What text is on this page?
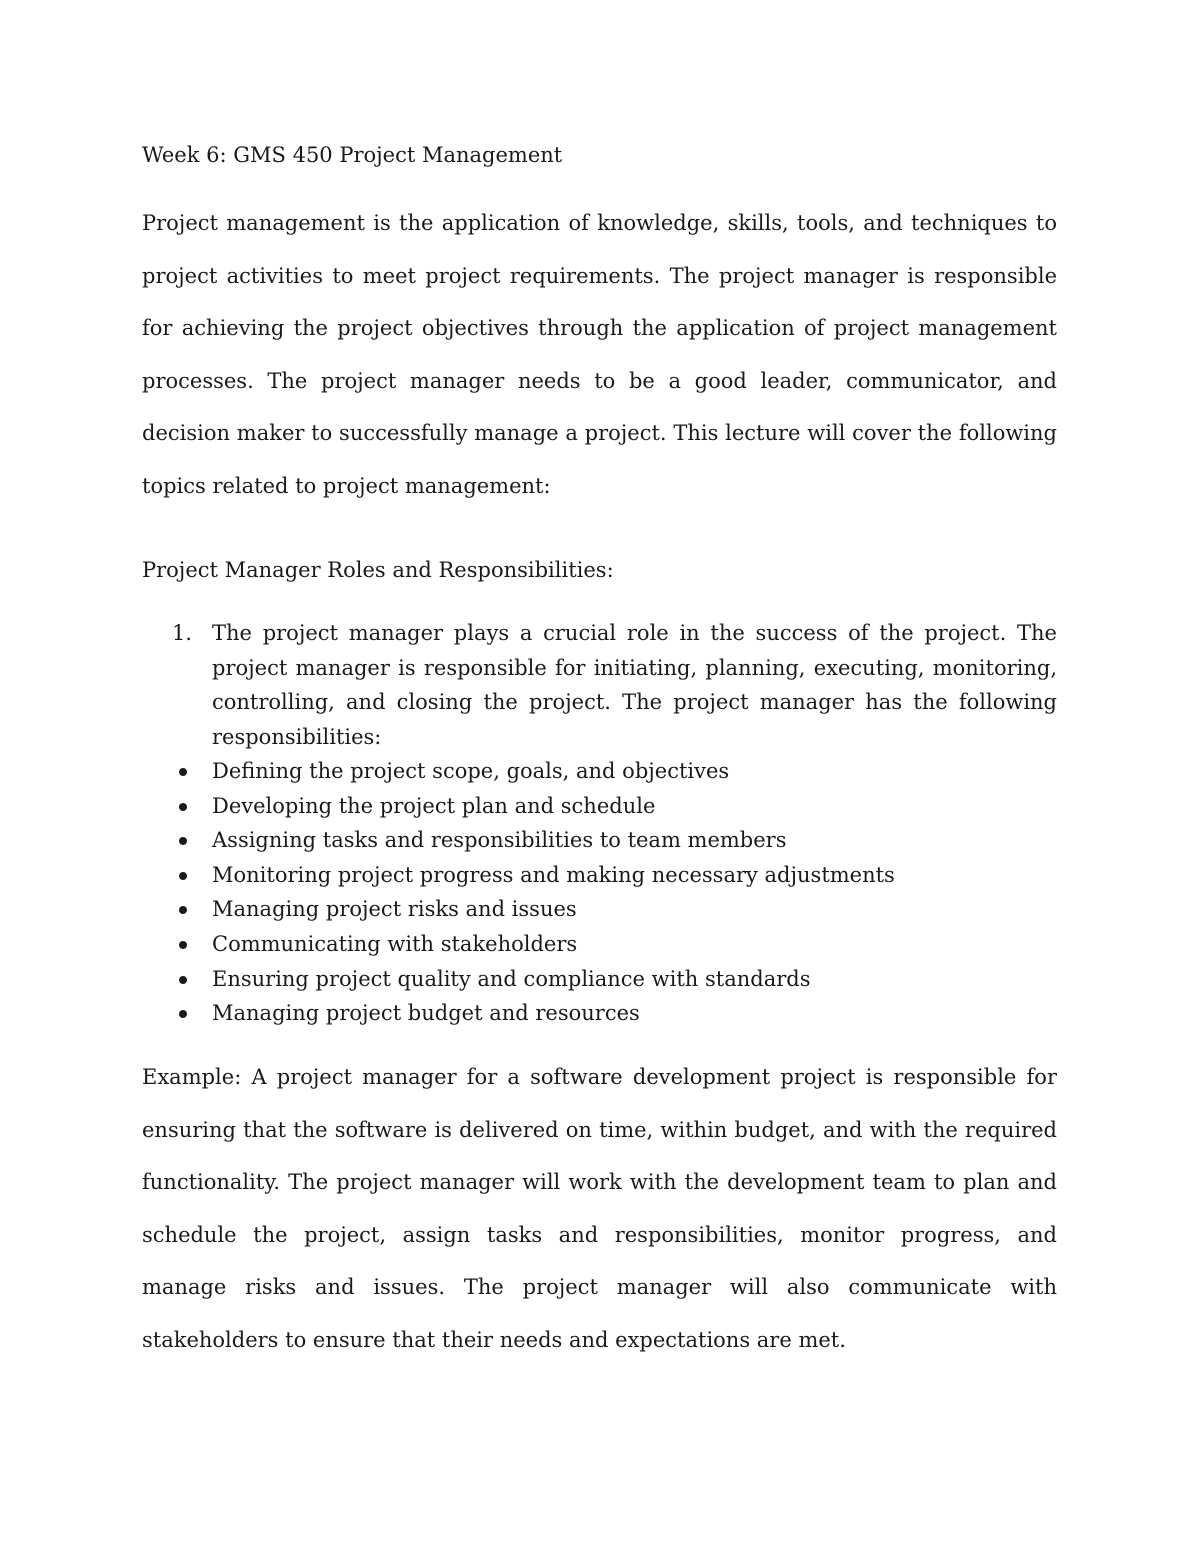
Week 6: GMS 450 Project Management

Project management is the application of knowledge, skills, tools, and techniques to project activities to meet project requirements. The project manager is responsible for achieving the project objectives through the application of project management processes. The project manager needs to be a good leader, communicator, and decision maker to successfully manage a project. This lecture will cover the following topics related to project management:

Project Manager Roles and Responsibilities:
1. The project manager plays a crucial role in the success of the project. The project manager is responsible for initiating, planning, executing, monitoring, controlling, and closing the project. The project manager has the following responsibilities:
Defining the project scope, goals, and objectives
Developing the project plan and schedule
Assigning tasks and responsibilities to team members
Monitoring project progress and making necessary adjustments
Managing project risks and issues
Communicating with stakeholders
Ensuring project quality and compliance with standards
Managing project budget and resources

Example: A project manager for a software development project is responsible for ensuring that the software is delivered on time, within budget, and with the required functionality. The project manager will work with the development team to plan and schedule the project, assign tasks and responsibilities, monitor progress, and manage risks and issues. The project manager will also communicate with stakeholders to ensure that their needs and expectations are met.
